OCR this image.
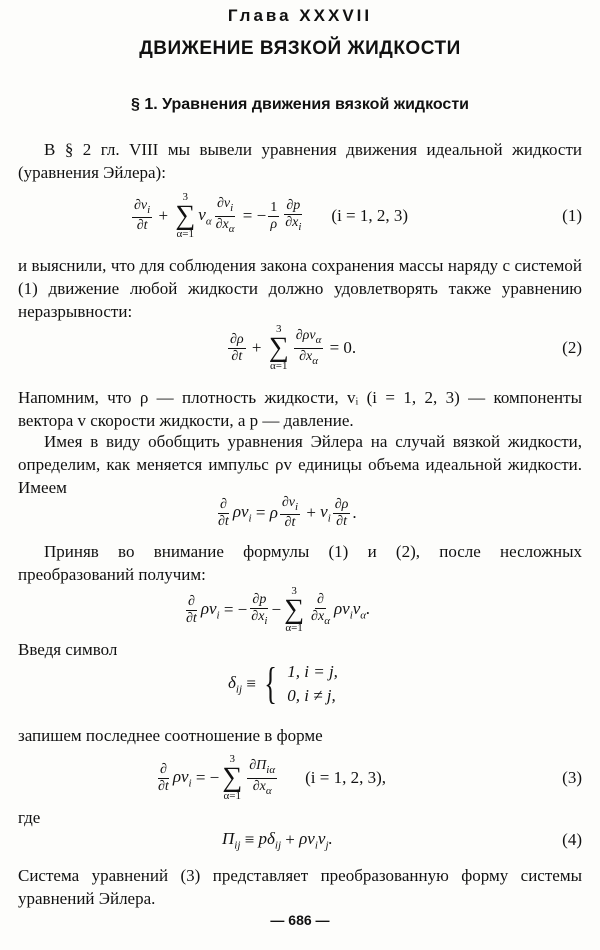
Глава XXXVII
ДВИЖЕНИЕ ВЯЗКОЙ ЖИДКОСТИ
§ 1. Уравнения движения вязкой жидкости
В § 2 гл. VIII мы вывели уравнения движения идеальной жидкости (уравнения Эйлера):
$\frac{\partial v_i}{\partial t}$ +
3
∑
α=1
$v_\alpha \frac{\partial v_i}{\partial x_\alpha}$ = − $\frac{1}{\rho} \frac{\partial p}{\partial x_i} (i = 1$, 2, 3)	(1)
и выяснили, что для соблюдения закона сохранения массы наряду с системой (1) движение любой жидкости должно удовлетворять также уравнению неразрывности:
$\frac{\partial\rho}{\partial t}$ +
3
∑
$\alpha=1 \frac{\partial\rho v_\alpha}{\partial x_\alpha} = 0$.	(2)
Напомним, что ρ — плотность жидкости, vᵢ (i = 1, 2, 3) — компоненты вектора v скорости жидкости, а p — давление.
Имея в виду обобщить уравнения Эйлера на случай вязкой жидкости, определим, как меняется импульс ρv единицы объема идеальной жидкости. Имеем
$\frac{\partial}{\partial t} \rho v_i = \rho \frac{\partial v_i}{\partial t} + v_i \frac{\partial\rho}{\partial t}$ .
Приняв во внимание формулы (1) и (2), после несложных преобразований получим:
$\frac{\partial}{\partial t} \rho v_i$ = − $\frac{\partial p}{\partial x_i}$ −
3
∑
$\alpha=1 \frac{\partial}{\partial x_\alpha} \rho v_iv_\alpha$.
Введя символ
$\delta_{ij}$ ≡ { 1, i = j,
0, i ≠ j,
запишем последнее соотношение в форме
$\frac{\partial}{\partial t} \rho v_i$ = −
3
∑
$\alpha=1 \frac{\partial\Pi_{i\alpha}}{\partial x_\alpha} (i = 1$, 2, 3),	(3)
где
$\Pi_{ij} \equiv p\delta_{ij} + \rho v_iv_j$.	(4)
Система уравнений (3) представляет преобразованную форму системы уравнений Эйлера.
— 686 —
